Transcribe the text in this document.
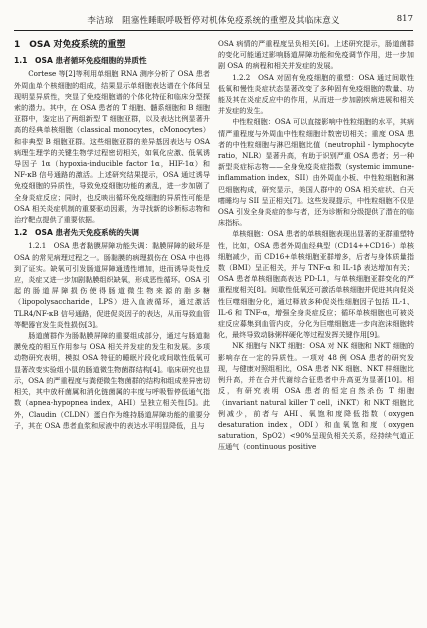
李洁琼　阻塞性睡眠呼吸暂停对机体免疫系统的重塑及其临床意义	817
1　OSA 对免疫系统的重塑
1.1　OSA 患者循环免疫细胞的异质性

Cortese 等[2]等利用单细胞 RNA 测序分析了 OSA 患者外周血单个核细胞的组成，结果显示单细胞表达谱在个体间呈现明显异质性，突显了免疫细胞谱的个体化特征和临床分型探索的潜力。其中，在 OSA 患者的 T 细胞、髓系细胞和 B 细胞亚群中，鉴定出了两组新型 T 细胞亚群，以及表达比例显著升高的经典单核细胞（classical monocytes，cMonocytes）和非典型 B 细胞亚群。这些细胞亚群的差异基因表达与 OSA 病理生理学的关键生物学过程密切相关，如氧化应激、低氧诱导因子 1α（hypoxia-inducible factor 1α，HIF-1α）和 NF-κB 信号通路的激活。上述研究结果提示，OSA 通过诱导免疫细胞的异质性，导致免疫细胞功能的紊乱，进一步加剧了全身炎症反应；同时，也反映出循环免疫细胞的异质性可能是 OSA 相关炎症机制的重要驱动因素，为寻找新的诊断标志物和治疗靶点提供了重要依据。

1.2　OSA 患者先天免疫系统的失调

1.2.1　OSA 患者黏膜屏障功能失调：黏膜屏障的破坏是 OSA 的常见病理过程之一。肠黏膜的病理损伤在 OSA 中也得到了证实。缺氧可引发肠道屏障通透性增加，进而诱导炎性反应，炎症又进一步加剧黏膜组织缺氧，形成恶性循环。OSA 引起的肠道屏障损伤使得肠道微生物来源的脂多糖（lipopolysaccharide，LPS）进入血液循环，通过激活 TLR4/NF-κB 信号通路，促进促炎因子的表达，从而导致血管等靶器官发生炎性损伤[3]。

肠道菌群作为肠黏膜屏障的重要组成部分，通过与肠道黏膜免疫的相互作用参与 OSA 相关并发症的发生和发展。多项动物研究表明，模拟 OSA 特征的睡眠片段化或间歇性低氧可显著改变实验组小鼠的肠道微生物菌群结构[4]。临床研究也显示，OSA 的严重程度与粪便微生物菌群的结构和组成差异密切相关，其中放秆菌属和消化链菌属的丰度与呼吸暂停低通气指数（apnea-hypopnea index，AHI）呈独立相关性[5]。此外，Claudin（CLDN）蛋白作为维持肠道屏障功能的重要分子，其在 OSA 患者血浆和尿液中的表达水平明显降低，且与

OSA 病情的严重程度呈负相关[6]。上述研究提示，肠道菌群的变化可能通过影响肠道屏障功能和免疫调节作用，进一步加剧 OSA 的病程和相关并发症的发展。

1.2.2　OSA 对固有免疫细胞的重塑：OSA 通过间歇性低氧和慢性炎症状态显著改变了多种固有免疫细胞的数量、功能及其在炎症反应中的作用，从而进一步加剧疾病进展和相关并发症的发生。

中性粒细胞：OSA 可以直接影响中性粒细胞的水平，其病情严重程度与外周血中性粒细胞计数密切相关；重度 OSA 患者的中性粒细胞与淋巴细胞比值（neutrophil - lymphocyte ratio，NLR）显著升高，有助于识别严重 OSA 患者；另一种新型炎症标志物——全身免疫炎症指数（systemic immune-inflammation index，SII）由外周血小板、中性粒细胞和淋巴细胞构成，研究显示，美国人群中的 OSA 相关症状、白天嗜睡均与 SII 呈正相关[7]。这些发现提示，中性粒细胞不仅是 OSA 引发全身炎症的参与者，还为诊断和分级提供了潜在的临床指标。

单核细胞：OSA 患者的单核细胞表现出显著的亚群重塑特性，比如，OSA 患者外周血经典型（CD14++CD16-）单核细胞减少，而 CD16+单核细胞亚群增多，后者与身体质量指数（BMI）呈正相关，并与 TNF-α 和 IL-1β 表达增加有关；OSA 患者单核细胞高表达 PD-L1，与单核细胞亚群变化的严重程度相关[8]。间歇性低氧还可激活单核细胞并促进其向促炎性巨噬细胞分化，通过释放多种促炎性细胞因子包括 IL-1、IL-6 和 TNF-α，增强全身炎症反应；循环单核细胞也可被炎症反应募集到血管内皮，分化为巨噬细胞进一步向泡沫细胞转化，最终导致动脉粥样硬化等过程发挥关键作用[9]。

NK 细胞与 NKT 细胞：OSA 对 NK 细胞和 NKT 细胞的影响存在一定的异质性。一项对 48 例 OSA 患者的研究发现，与健康对照组相比，OSA 患者 NK 细胞、NKT 样细胞比例升高，并在合并代谢综合征患者中升高更为显著[10]。相反，有研究表明 OSA 患者的恒定自然杀伤 T 细胞（invariant natural killer T cell，iNKT）和 NKT 细胞比例减少，前者与 AHI、氧饱和度降低指数（oxygen desaturation index，ODI）和血氧饱和度（oxygen saturation，SpO2）<90%呈现负相关关系，经持续气道正压通气（continuous positive
